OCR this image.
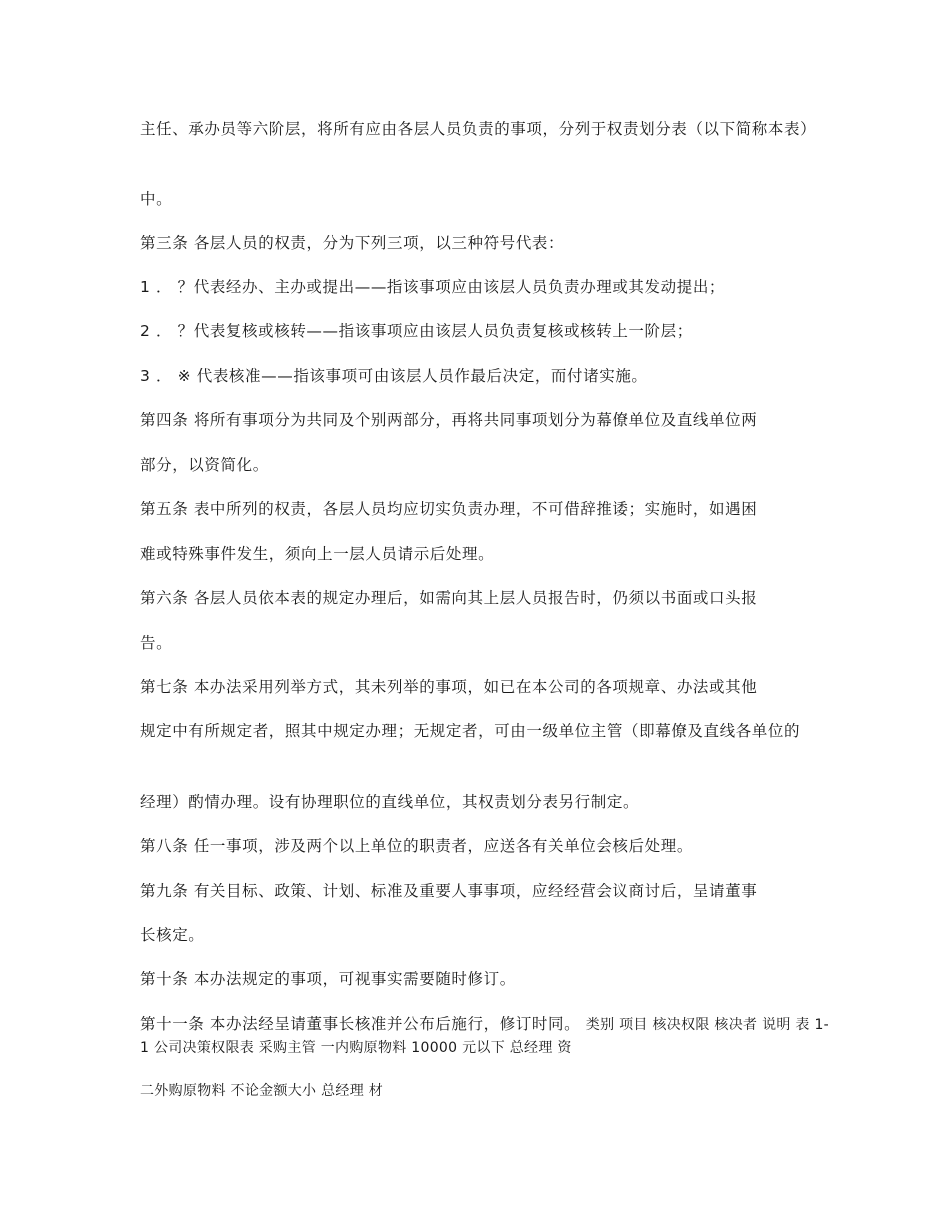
主任、承办员等六阶层，将所有应由各层人员负责的事项，分列于权责划分表（以下简称本表）
中。
第三条 各层人员的权责，分为下列三项，以三种符号代表：
1 ． ？代表经办、主办或提出——指该事项应由该层人员负责办理或其发动提出；
2 ． ？代表复核或核转——指该事项应由该层人员负责复核或核转上一阶层；
3 ． ※ 代表核准——指该事项可由该层人员作最后决定，而付诸实施。
第四条 将所有事项分为共同及个别两部分，再将共同事项划分为幕僚单位及直线单位两
部分，以资简化。
第五条 表中所列的权责，各层人员均应切实负责办理，不可借辞推诿；实施时，如遇困
难或特殊事件发生，须向上一层人员请示后处理。
第六条 各层人员依本表的规定办理后，如需向其上层人员报告时，仍须以书面或口头报
告。
第七条 本办法采用列举方式，其未列举的事项，如已在本公司的各项规章、办法或其他
规定中有所规定者，照其中规定办理；无规定者，可由一级单位主管（即幕僚及直线各单位的
经理）酌情办理。设有协理职位的直线单位，其权责划分表另行制定。
第八条 任一事项，涉及两个以上单位的职责者，应送各有关单位会核后处理。
第九条 有关目标、政策、计划、标准及重要人事事项，应经经营会议商讨后，呈请董事
长核定。
第十条 本办法规定的事项，可视事实需要随时修订。
第十一条 本办法经呈请董事长核准并公布后施行，修订时同。 类别 项目 核决权限 核决者 说明 表 1-1 公司决策权限表 采购主管 一内购原物料 10000 元以下 总经理 资
二外购原物料 不论金额大小 总经理 材
